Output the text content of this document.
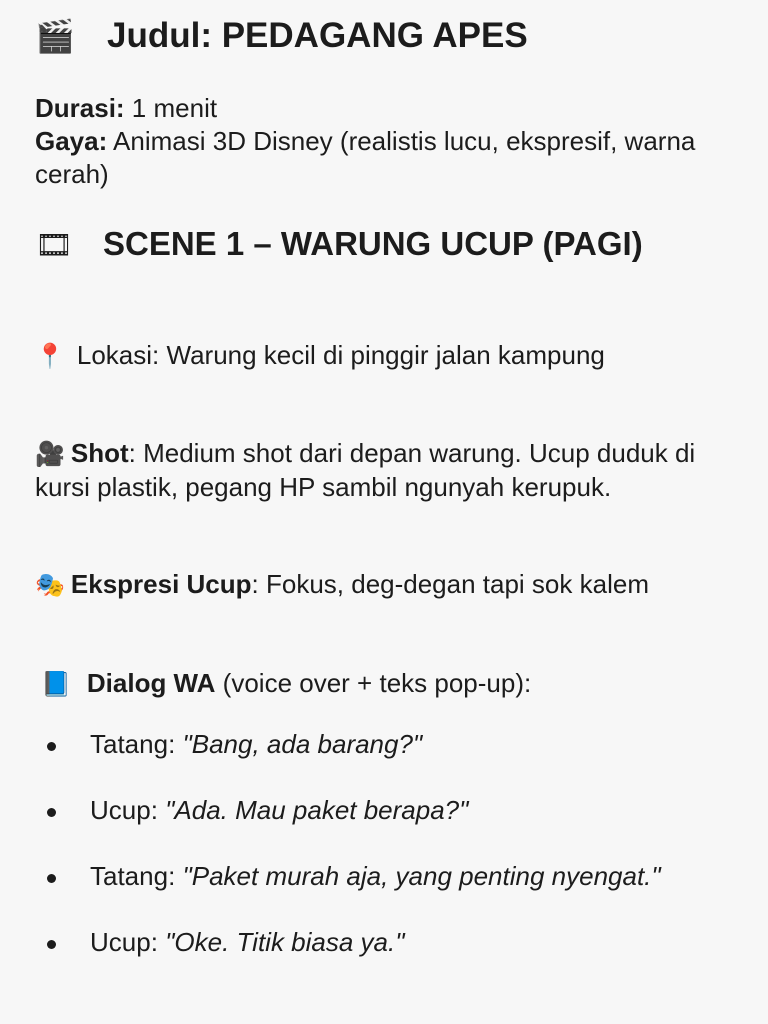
🎬 Judul: PEDAGANG APES

Durasi: 1 menit
Gaya: Animasi 3D Disney (realistis lucu, ekspresif, warna cerah)

🎞 SCENE 1 – WARUNG UCUP (PAGI)

📍 Lokasi: Warung kecil di pinggir jalan kampung

🎥 Shot: Medium shot dari depan warung. Ucup duduk di kursi plastik, pegang HP sambil ngunyah kerupuk.

🎭 Ekspresi Ucup: Fokus, deg-degan tapi sok kalem

📘 Dialog WA (voice over + teks pop-up):

Tatang: "Bang, ada barang?"
Ucup: "Ada. Mau paket berapa?"
Tatang: "Paket murah aja, yang penting nyengat."
Ucup: "Oke. Titik biasa ya."
